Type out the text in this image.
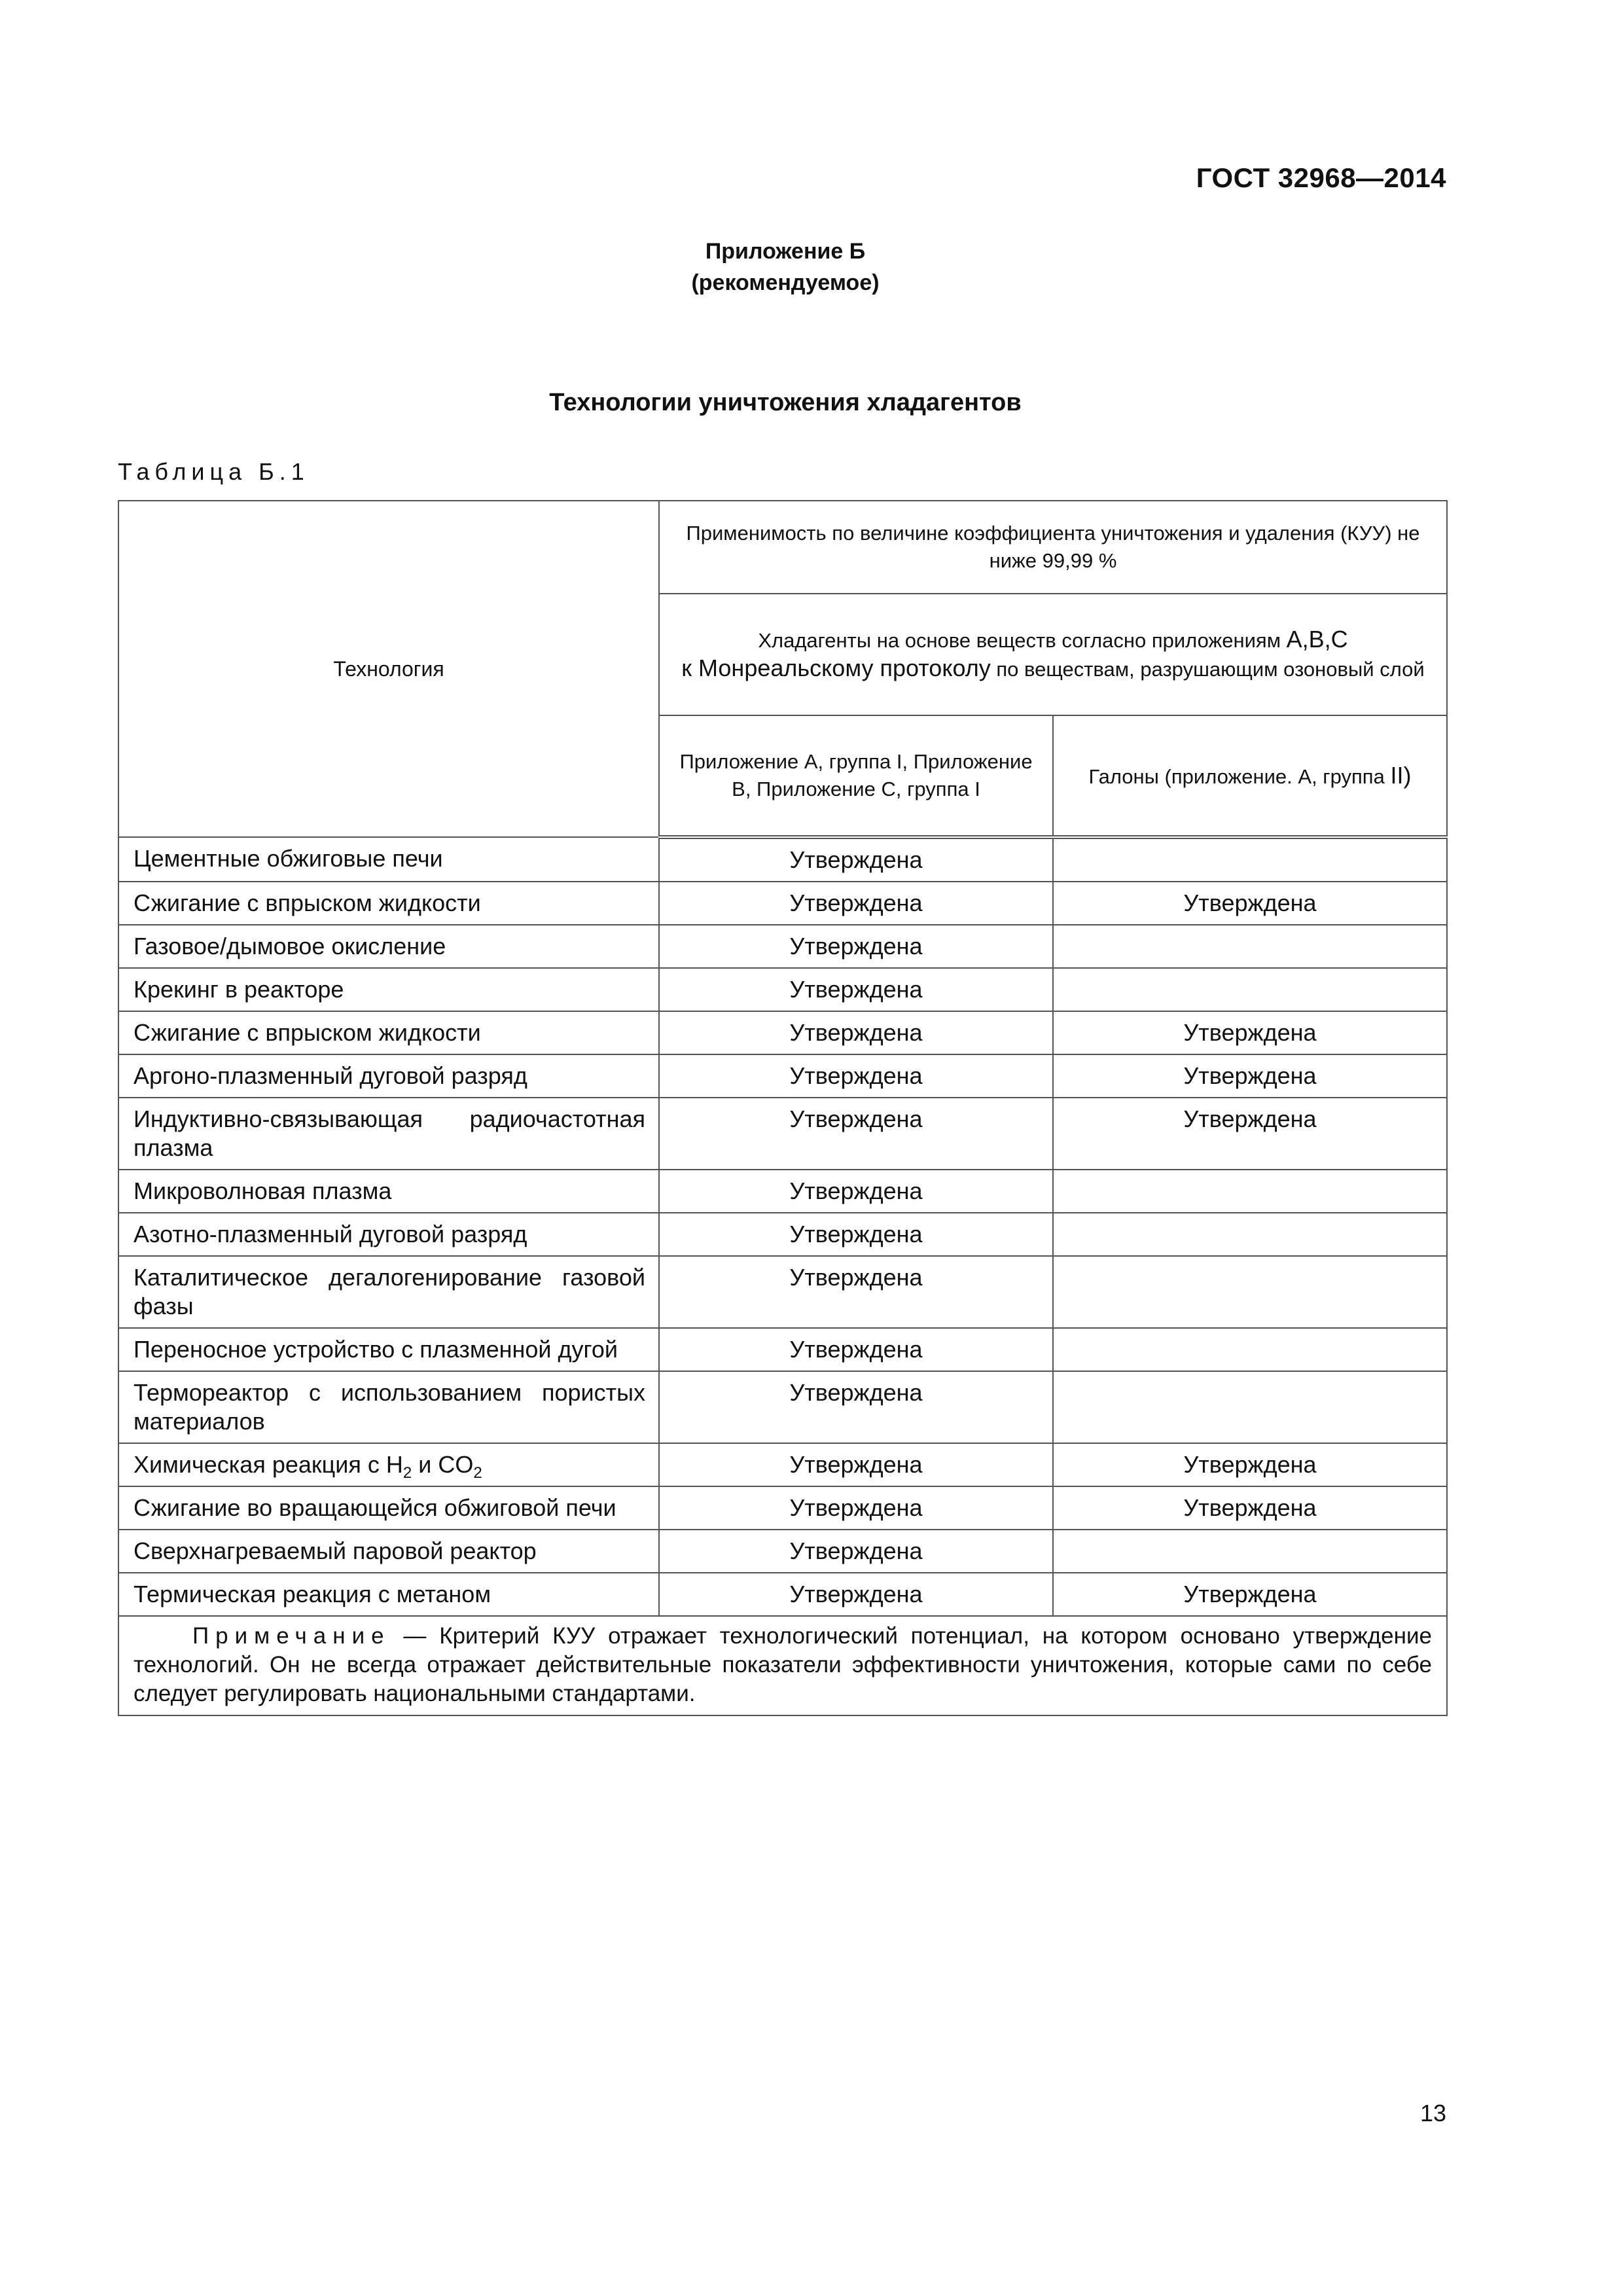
ГОСТ 32968—2014
Приложение Б
(рекомендуемое)
Технологии уничтожения хладагентов
Таблица Б.1
Технология	Применимость по величине коэффициента уничтожения и удаления (КУУ) не ниже 99,99 %	
	Хладагенты на основе веществ согласно приложениям A,B,C
к Монреальскому протоколу по веществам, разрушающим озоновый слой	
	Приложение А, группа I, Приложение В, Приложение С, группа I	Галоны (приложение. А, группа II)
Цементные обжиговые печи	Утверждена	
Сжигание с впрыском жидкости	Утверждена	Утверждена
Газовое/дымовое окисление	Утверждена	
Крекинг в реакторе	Утверждена	
Сжигание с впрыском жидкости	Утверждена	Утверждена
Аргоно-плазменный дуговой разряд	Утверждена	Утверждена
Индуктивно-связывающая радиочастотная плазма	Утверждена	Утверждена
Микроволновая плазма	Утверждена	
Азотно-плазменный дуговой разряд	Утверждена	
Каталитическое дегалогенирование газовой фазы	Утверждена	
Переносное устройство с плазменной дугой	Утверждена	
Термореактор с использованием пористых материалов	Утверждена	
Химическая реакция с $H_2$ и $CO_2$	Утверждена	Утверждена
Сжигание во вращающейся обжиговой печи	Утверждена	Утверждена
Сверхнагреваемый паровой реактор	Утверждена	
Термическая реакция с метаном	Утверждена	Утверждена
Примечание — Критерий КУУ отражает технологический потенциал, на котором основано утверждение технологий. Он не всегда отражает действительные показатели эффективности уничтожения, которые сами по себе следует регулировать национальными стандартами.		
13
